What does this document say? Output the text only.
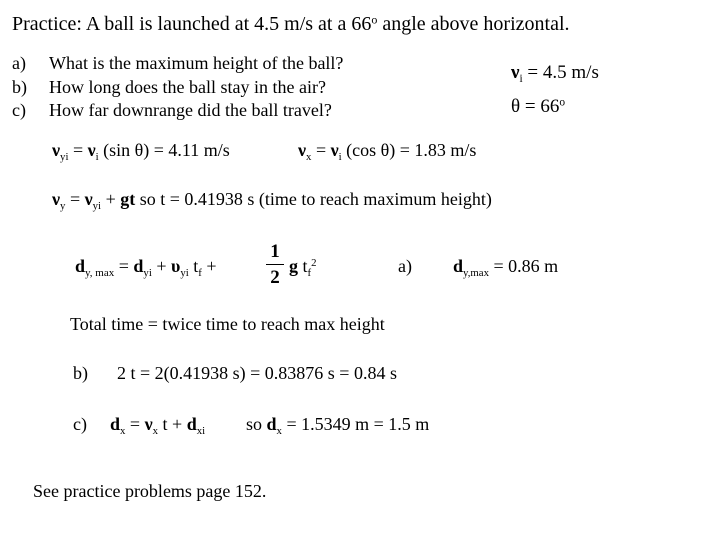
Practice: A ball is launched at 4.5 m/s at a 66$^o$ angle above horizontal.
a) What is the maximum height of the ball?
b) How long does the ball stay in the air?
c) How far downrange did the ball travel?
$\nu_i = 4.5$ m/s
$\theta = 66^o$
$\nu_{yi} = \nu_i$ (sin θ) = 4.11 m/s	$\nu_x = \nu_i$ (cos θ) = 1.83 m/s
$\nu_y = \nu_{yi}$ + gt so t = 0.41938 s (time to reach maximum height)
$d_{y, max} = d_{yi} + \upsilon_{yi}$ $t_f$ +
1
2
g $t_f^2$	a) $d_{y,max} = 0.86$ m
Total time = twice time to reach max height
b) 2 t = 2(0.41938 s) = 0.83876 s = 0.84 s
c) $d_x = \nu_x$ $t + d_{xi}$ so $d_x = 1.5349$ m = 1.5 m
See practice problems page 152.
